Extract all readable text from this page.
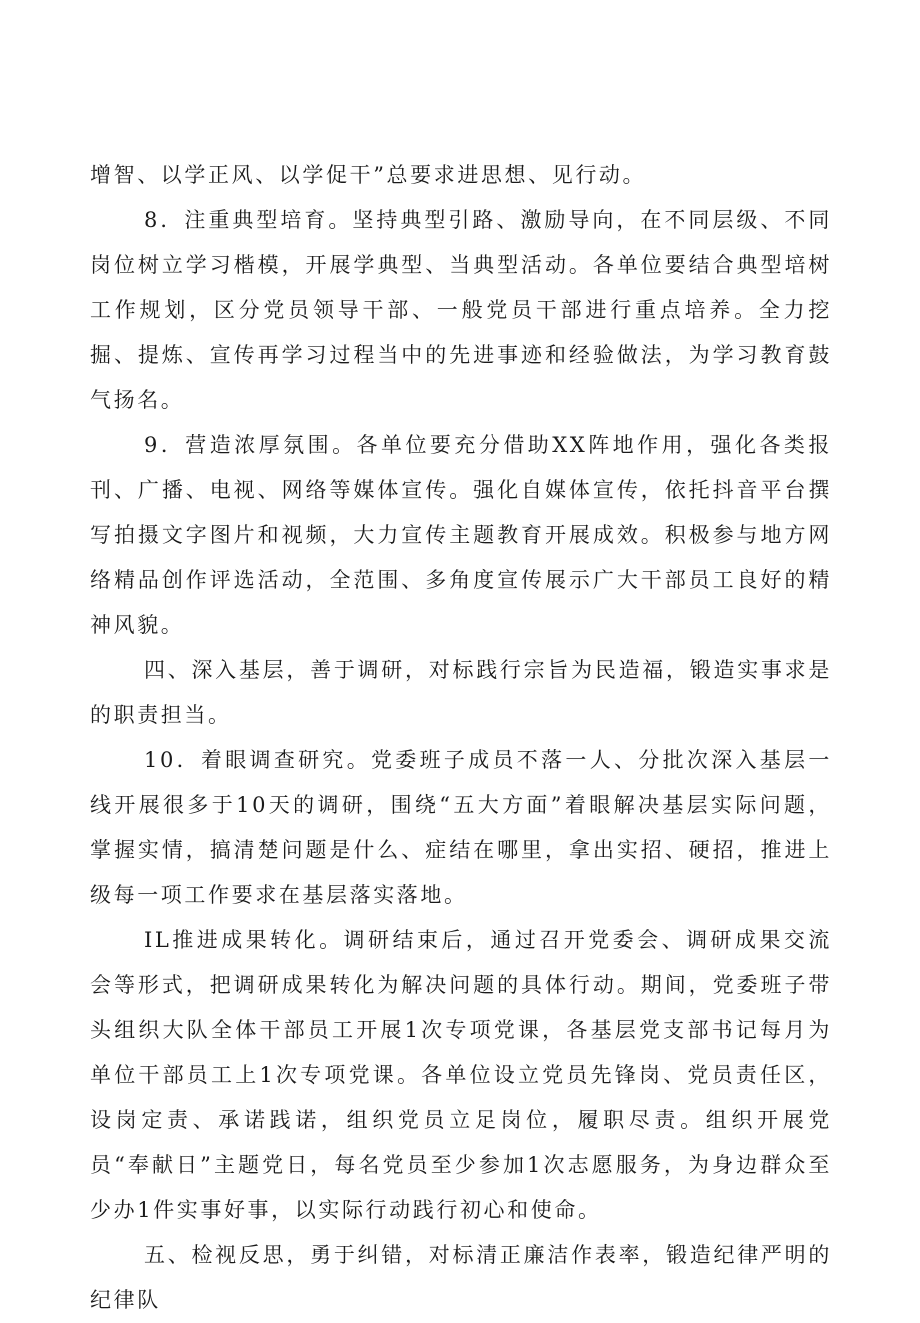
增智、以学正风、以学促干”总要求进思想、见行动。

8．注重典型培育。坚持典型引路、激励导向，在不同层级、不同岗位树立学习楷模，开展学典型、当典型活动。各单位要结合典型培树工作规划，区分党员领导干部、一般党员干部进行重点培养。全力挖掘、提炼、宣传再学习过程当中的先进事迹和经验做法，为学习教育鼓气扬名。

9．营造浓厚氛围。各单位要充分借助XX阵地作用，强化各类报刊、广播、电视、网络等媒体宣传。强化自媒体宣传，依托抖音平台撰写拍摄文字图片和视频，大力宣传主题教育开展成效。积极参与地方网络精品创作评选活动，全范围、多角度宣传展示广大干部员工良好的精神风貌。

四、深入基层，善于调研，对标践行宗旨为民造福，锻造实事求是的职责担当。

10．着眼调查研究。党委班子成员不落一人、分批次深入基层一线开展很多于10天的调研，围绕“五大方面”着眼解决基层实际问题，掌握实情，搞清楚问题是什么、症结在哪里，拿出实招、硬招，推进上级每一项工作要求在基层落实落地。

IL推进成果转化。调研结束后，通过召开党委会、调研成果交流会等形式，把调研成果转化为解决问题的具体行动。期间，党委班子带头组织大队全体干部员工开展1次专项党课，各基层党支部书记每月为单位干部员工上1次专项党课。各单位设立党员先锋岗、党员责任区，设岗定责、承诺践诺，组织党员立足岗位，履职尽责。组织开展党员“奉献日”主题党日，每名党员至少参加1次志愿服务，为身边群众至少办1件实事好事，以实际行动践行初心和使命。

五、检视反思，勇于纠错，对标清正廉洁作表率，锻造纪律严明的纪律队
